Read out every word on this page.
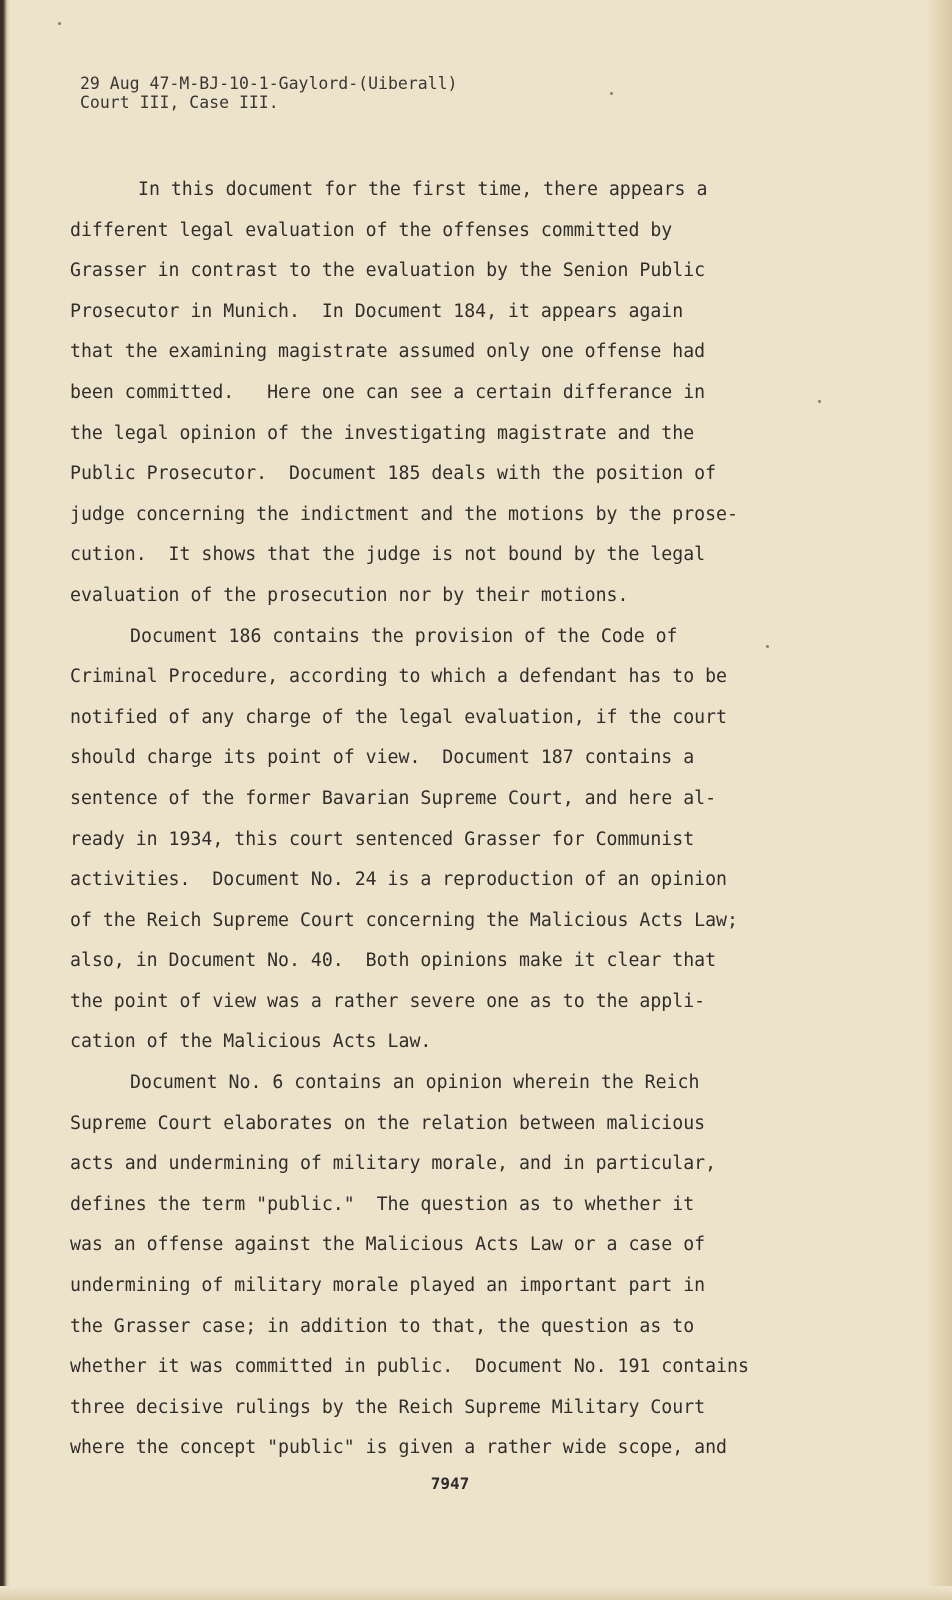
29 Aug 47-M-BJ-10-1-Gaylord-(Uiberall)
Court III, Case III.
In this document for the first time, there appears a
different legal evaluation of the offenses committed by
Grasser in contrast to the evaluation by the Senion Public
Prosecutor in Munich.  In Document 184, it appears again
that the examining magistrate assumed only one offense had
been committed.   Here one can see a certain differance in
the legal opinion of the investigating magistrate and the
Public Prosecutor.  Document 185 deals with the position of
judge concerning the indictment and the motions by the prose-
cution.  It shows that the judge is not bound by the legal
evaluation of the prosecution nor by their motions.
Document 186 contains the provision of the Code of
Criminal Procedure, according to which a defendant has to be
notified of any charge of the legal evaluation, if the court
should charge its point of view.  Document 187 contains a
sentence of the former Bavarian Supreme Court, and here al-
ready in 1934, this court sentenced Grasser for Communist
activities.  Document No. 24 is a reproduction of an opinion
of the Reich Supreme Court concerning the Malicious Acts Law;
also, in Document No. 40.  Both opinions make it clear that
the point of view was a rather severe one as to the appli-
cation of the Malicious Acts Law.
Document No. 6 contains an opinion wherein the Reich
Supreme Court elaborates on the relation between malicious
acts and undermining of military morale, and in particular,
defines the term "public."  The question as to whether it
was an offense against the Malicious Acts Law or a case of
undermining of military morale played an important part in
the Grasser case; in addition to that, the question as to
whether it was committed in public.  Document No. 191 contains
three decisive rulings by the Reich Supreme Military Court
where the concept "public" is given a rather wide scope, and
7947
